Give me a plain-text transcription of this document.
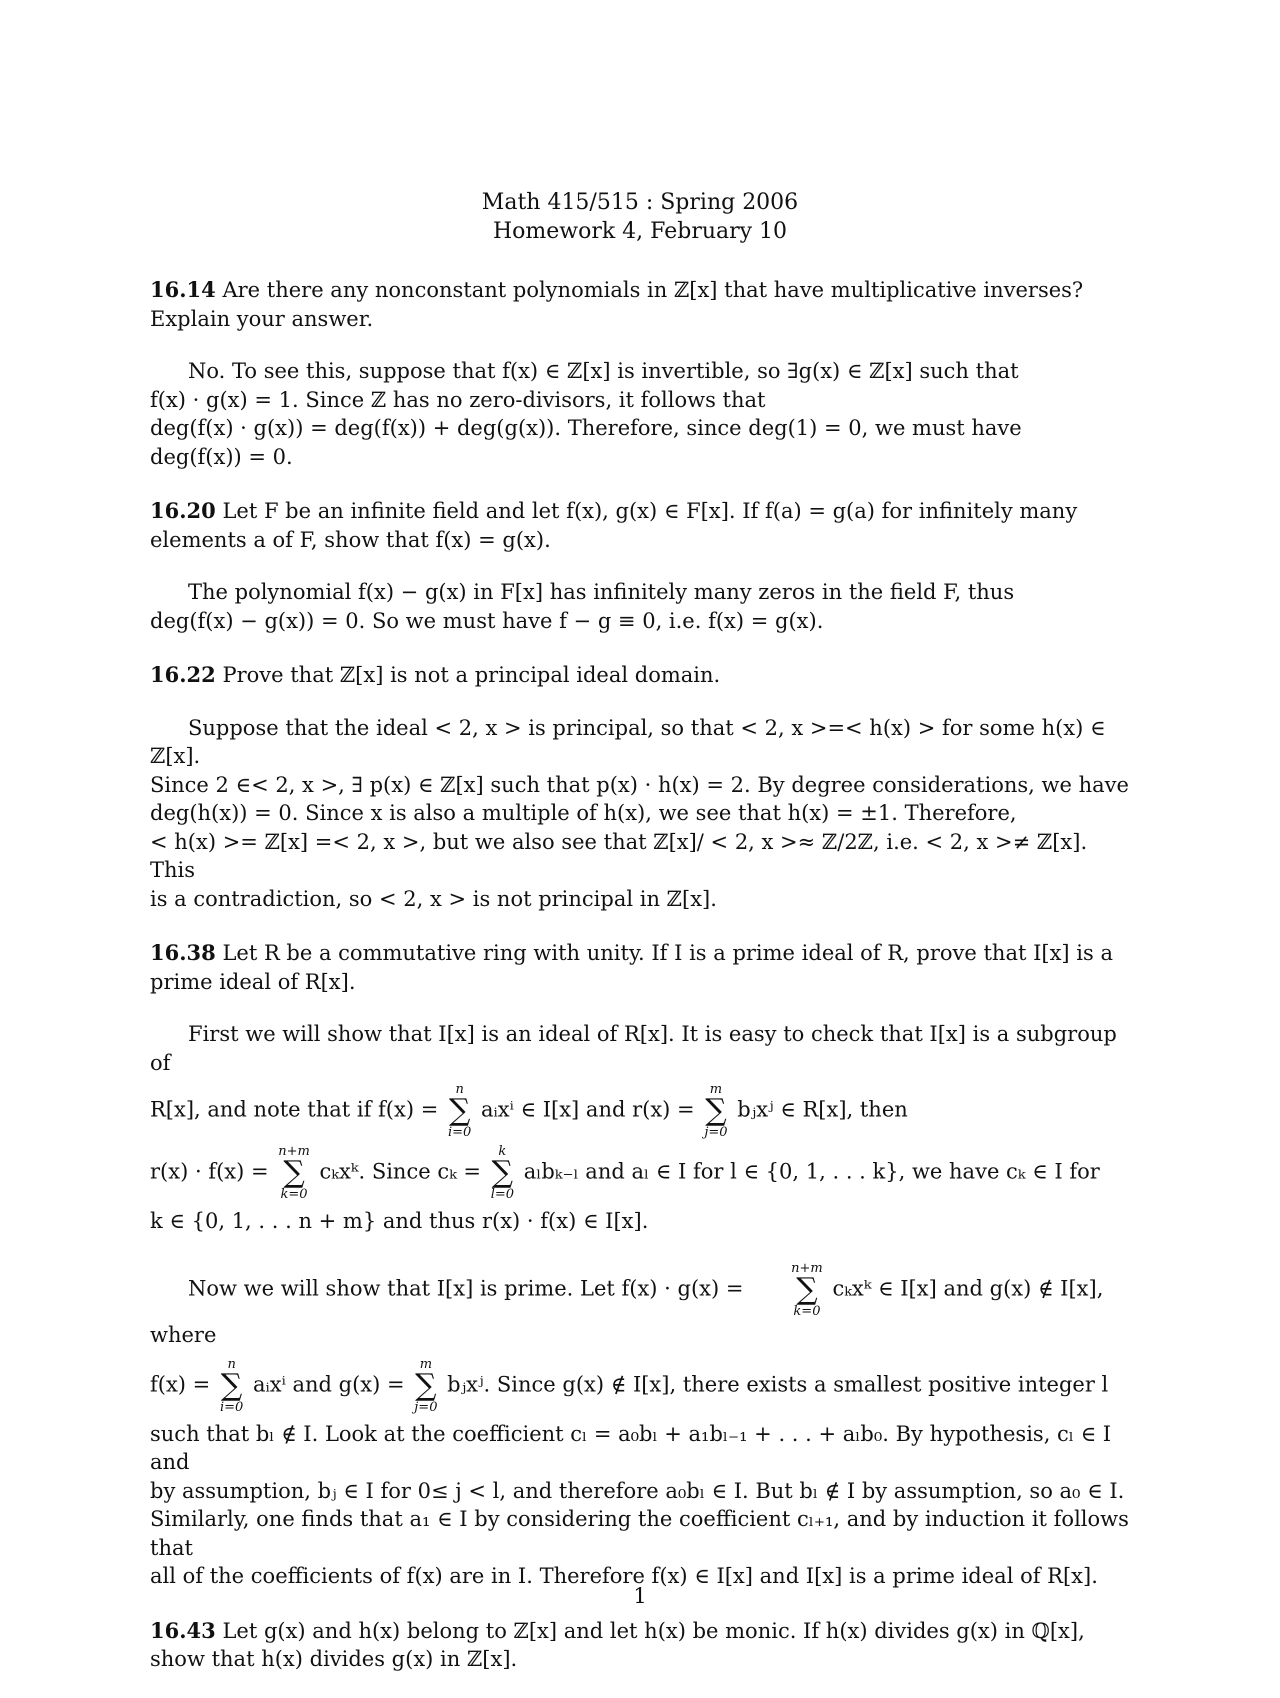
Math 415/515 : Spring 2006
Homework 4, February 10
16.14 Are there any nonconstant polynomials in ℤ[x] that have multiplicative inverses? Explain your answer.

No. To see this, suppose that f(x) ∈ ℤ[x] is invertible, so ∃g(x) ∈ ℤ[x] such that

f(x) · g(x) = 1. Since ℤ has no zero-divisors, it follows that
deg(f(x) · g(x)) = deg(f(x)) + deg(g(x)). Therefore, since deg(1) = 0, we must have
deg(f(x)) = 0.

16.20 Let F be an infinite field and let f(x), g(x) ∈ F[x]. If f(a) = g(a) for infinitely many elements a of F, show that f(x) = g(x).

The polynomial f(x) − g(x) in F[x] has infinitely many zeros in the field F, thus

deg(f(x) − g(x)) = 0. So we must have f − g ≡ 0, i.e. f(x) = g(x).

16.22 Prove that ℤ[x] is not a principal ideal domain.

Suppose that the ideal < 2, x > is principal, so that < 2, x >=< h(x) > for some h(x) ∈ ℤ[x].

Since 2 ∈< 2, x >, ∃ p(x) ∈ ℤ[x] such that p(x) · h(x) = 2. By degree considerations, we have
deg(h(x)) = 0. Since x is also a multiple of h(x), we see that h(x) = ±1. Therefore,
< h(x) >= ℤ[x] =< 2, x >, but we also see that ℤ[x]/ < 2, x >≈ ℤ/2ℤ, i.e. < 2, x >≠ ℤ[x]. This
is a contradiction, so < 2, x > is not principal in ℤ[x].

16.38 Let R be a commutative ring with unity. If I is a prime ideal of R, prove that I[x] is a prime ideal of R[x].

First we will show that I[x] is an ideal of R[x]. It is easy to check that I[x] is a subgroup of

R[x], and note that if f(x) =
n
∑
i=0
aᵢxⁱ ∈ I[x] and r(x) =
m
∑
j=0
bⱼxʲ ∈ R[x], then
r(x) · f(x) =
n+m
∑
k=0
cₖxᵏ. Since cₖ =
k
∑
l=0
aₗbₖ₋ₗ and aₗ ∈ I for l ∈ {0, 1, . . . k}, we have cₖ ∈ I for
k ∈ {0, 1, . . . n + m} and thus r(x) · f(x) ∈ I[x].

Now we will show that I[x] is prime. Let f(x) · g(x) =
n+m
∑
k=0
cₖxᵏ ∈ I[x] and g(x) ∉ I[x], where

f(x) =
n
∑
i=0
aᵢxⁱ and g(x) =
m
∑
j=0
bⱼxʲ. Since g(x) ∉ I[x], there exists a smallest positive integer l
such that bₗ ∉ I. Look at the coefficient cₗ = a₀bₗ + a₁bₗ₋₁ + . . . + aₗb₀. By hypothesis, cₗ ∈ I and
by assumption, bⱼ ∈ I for 0≤ j < l, and therefore a₀bₗ ∈ I. But bₗ ∉ I by assumption, so a₀ ∈ I.
Similarly, one finds that a₁ ∈ I by considering the coefficient cₗ₊₁, and by induction it follows that
all of the coefficients of f(x) are in I. Therefore f(x) ∈ I[x] and I[x] is a prime ideal of R[x].

16.43 Let g(x) and h(x) belong to ℤ[x] and let h(x) be monic. If h(x) divides g(x) in ℚ[x], show that h(x) divides g(x) in ℤ[x].
1
